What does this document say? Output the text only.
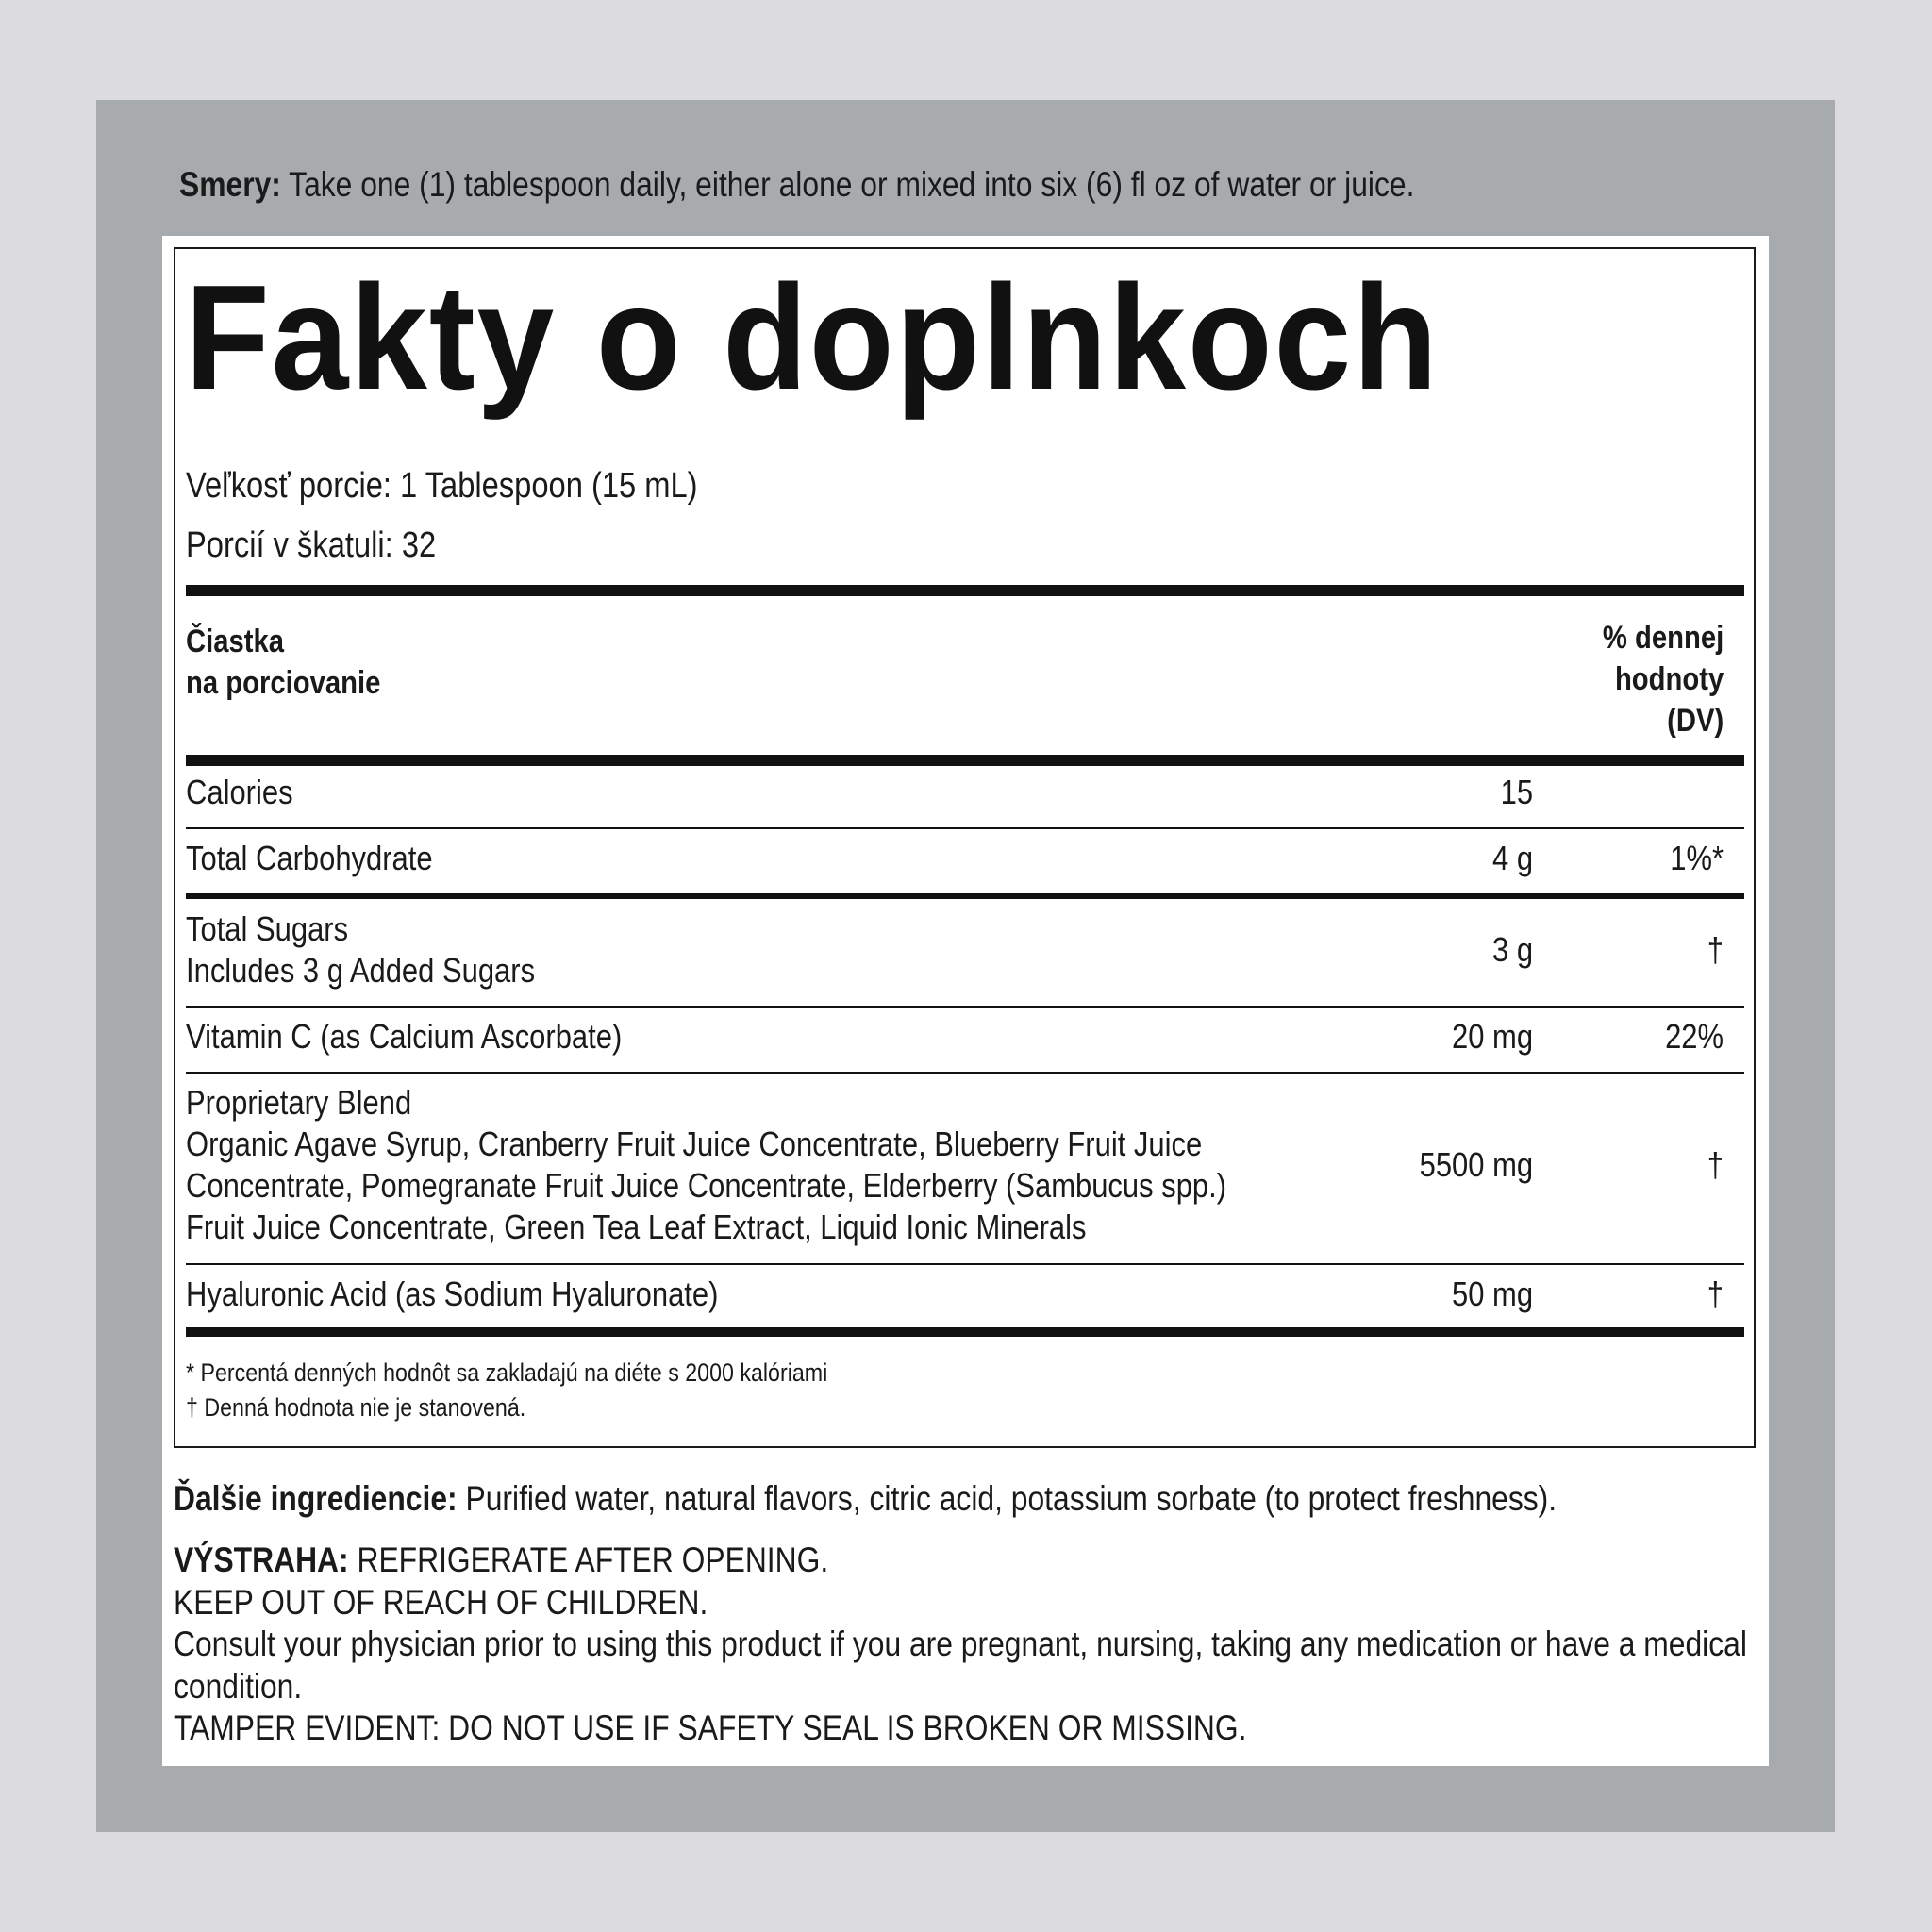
Smery: Take one (1) tablespoon daily, either alone or mixed into six (6) fl oz of water or juice.
Fakty o doplnkoch
Veľkosť porcie: 1 Tablespoon (15 mL)
Porcií v škatuli: 32
Čiastka
na porciovanie
% dennej
hodnoty
(DV)
Calories	15
Total Carbohydrate	4 g	1%*
Total Sugars
Includes 3 g Added Sugars
3 g	†
Vitamin C (as Calcium Ascorbate)	20 mg	22%
Proprietary Blend
Organic Agave Syrup, Cranberry Fruit Juice Concentrate, Blueberry Fruit Juice
Concentrate, Pomegranate Fruit Juice Concentrate, Elderberry (Sambucus spp.)
Fruit Juice Concentrate, Green Tea Leaf Extract, Liquid Ionic Minerals
5500 mg	†
Hyaluronic Acid (as Sodium Hyaluronate)	50 mg	†
* Percentá denných hodnôt sa zakladajú na diéte s 2000 kalóriami
† Denná hodnota nie je stanovená.
Ďalšie ingrediencie: Purified water, natural flavors, citric acid, potassium sorbate (to protect freshness).
VÝSTRAHA: REFRIGERATE AFTER OPENING.
KEEP OUT OF REACH OF CHILDREN.
Consult your physician prior to using this product if you are pregnant, nursing, taking any medication or have a medical
condition.
TAMPER EVIDENT: DO NOT USE IF SAFETY SEAL IS BROKEN OR MISSING.
